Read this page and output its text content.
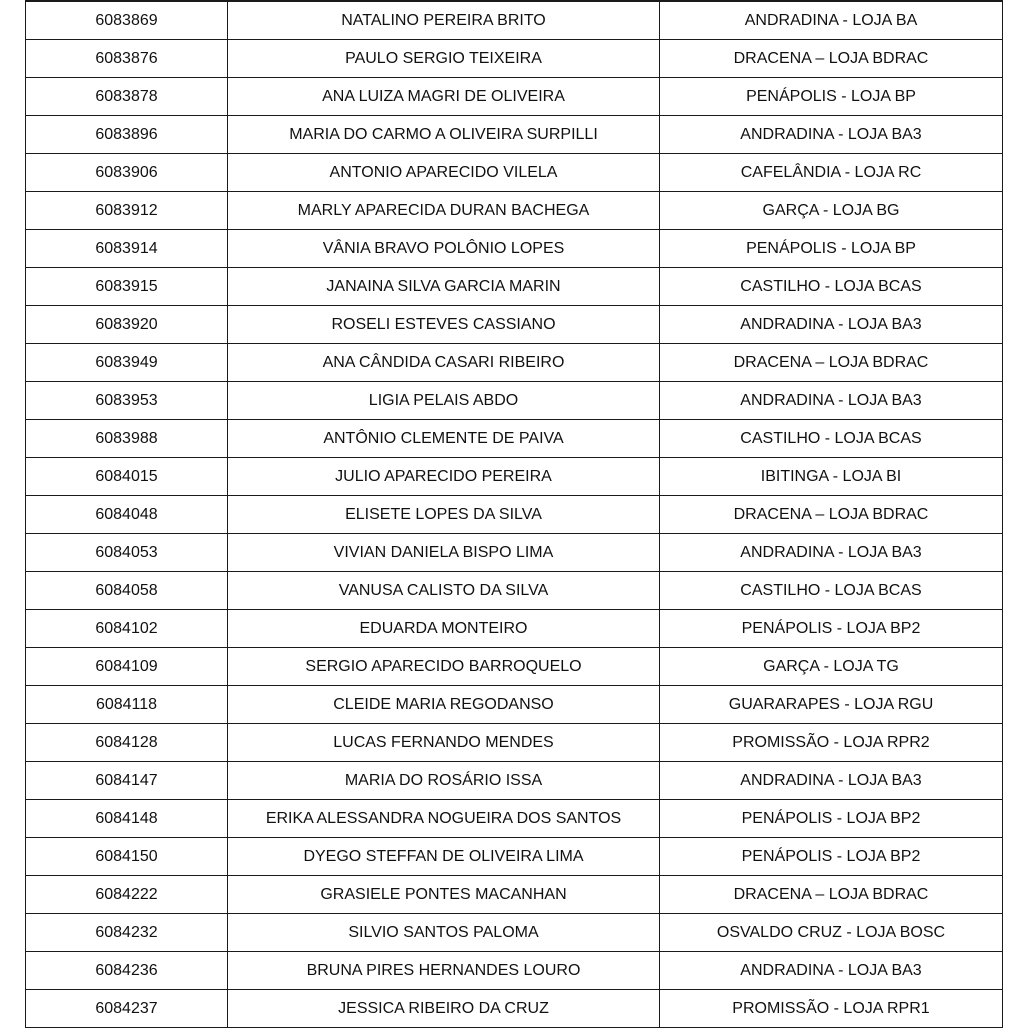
6083869	NATALINO PEREIRA BRITO	ANDRADINA - LOJA BA
6083876	PAULO SERGIO TEIXEIRA	DRACENA – LOJA BDRAC
6083878	ANA LUIZA MAGRI DE OLIVEIRA	PENÁPOLIS - LOJA BP
6083896	MARIA DO CARMO A OLIVEIRA SURPILLI	ANDRADINA - LOJA BA3
6083906	ANTONIO APARECIDO VILELA	CAFELÂNDIA - LOJA RC
6083912	MARLY APARECIDA DURAN BACHEGA	GARÇA - LOJA BG
6083914	VÂNIA BRAVO POLÔNIO LOPES	PENÁPOLIS - LOJA BP
6083915	JANAINA SILVA GARCIA MARIN	CASTILHO - LOJA BCAS
6083920	ROSELI ESTEVES CASSIANO	ANDRADINA - LOJA BA3
6083949	ANA CÂNDIDA CASARI RIBEIRO	DRACENA – LOJA BDRAC
6083953	LIGIA PELAIS ABDO	ANDRADINA - LOJA BA3
6083988	ANTÔNIO CLEMENTE DE PAIVA	CASTILHO - LOJA BCAS
6084015	JULIO APARECIDO PEREIRA	IBITINGA - LOJA BI
6084048	ELISETE LOPES DA SILVA	DRACENA – LOJA BDRAC
6084053	VIVIAN DANIELA BISPO LIMA	ANDRADINA - LOJA BA3
6084058	VANUSA CALISTO DA SILVA	CASTILHO - LOJA BCAS
6084102	EDUARDA MONTEIRO	PENÁPOLIS - LOJA BP2
6084109	SERGIO APARECIDO BARROQUELO	GARÇA - LOJA TG
6084118	CLEIDE MARIA REGODANSO	GUARARAPES - LOJA RGU
6084128	LUCAS FERNANDO MENDES	PROMISSÃO - LOJA RPR2
6084147	MARIA DO ROSÁRIO ISSA	ANDRADINA - LOJA BA3
6084148	ERIKA ALESSANDRA NOGUEIRA DOS SANTOS	PENÁPOLIS - LOJA BP2
6084150	DYEGO STEFFAN DE OLIVEIRA LIMA	PENÁPOLIS - LOJA BP2
6084222	GRASIELE PONTES MACANHAN	DRACENA – LOJA BDRAC
6084232	SILVIO SANTOS PALOMA	OSVALDO CRUZ - LOJA BOSC
6084236	BRUNA PIRES HERNANDES LOURO	ANDRADINA - LOJA BA3
6084237	JESSICA RIBEIRO DA CRUZ	PROMISSÃO - LOJA RPR1
